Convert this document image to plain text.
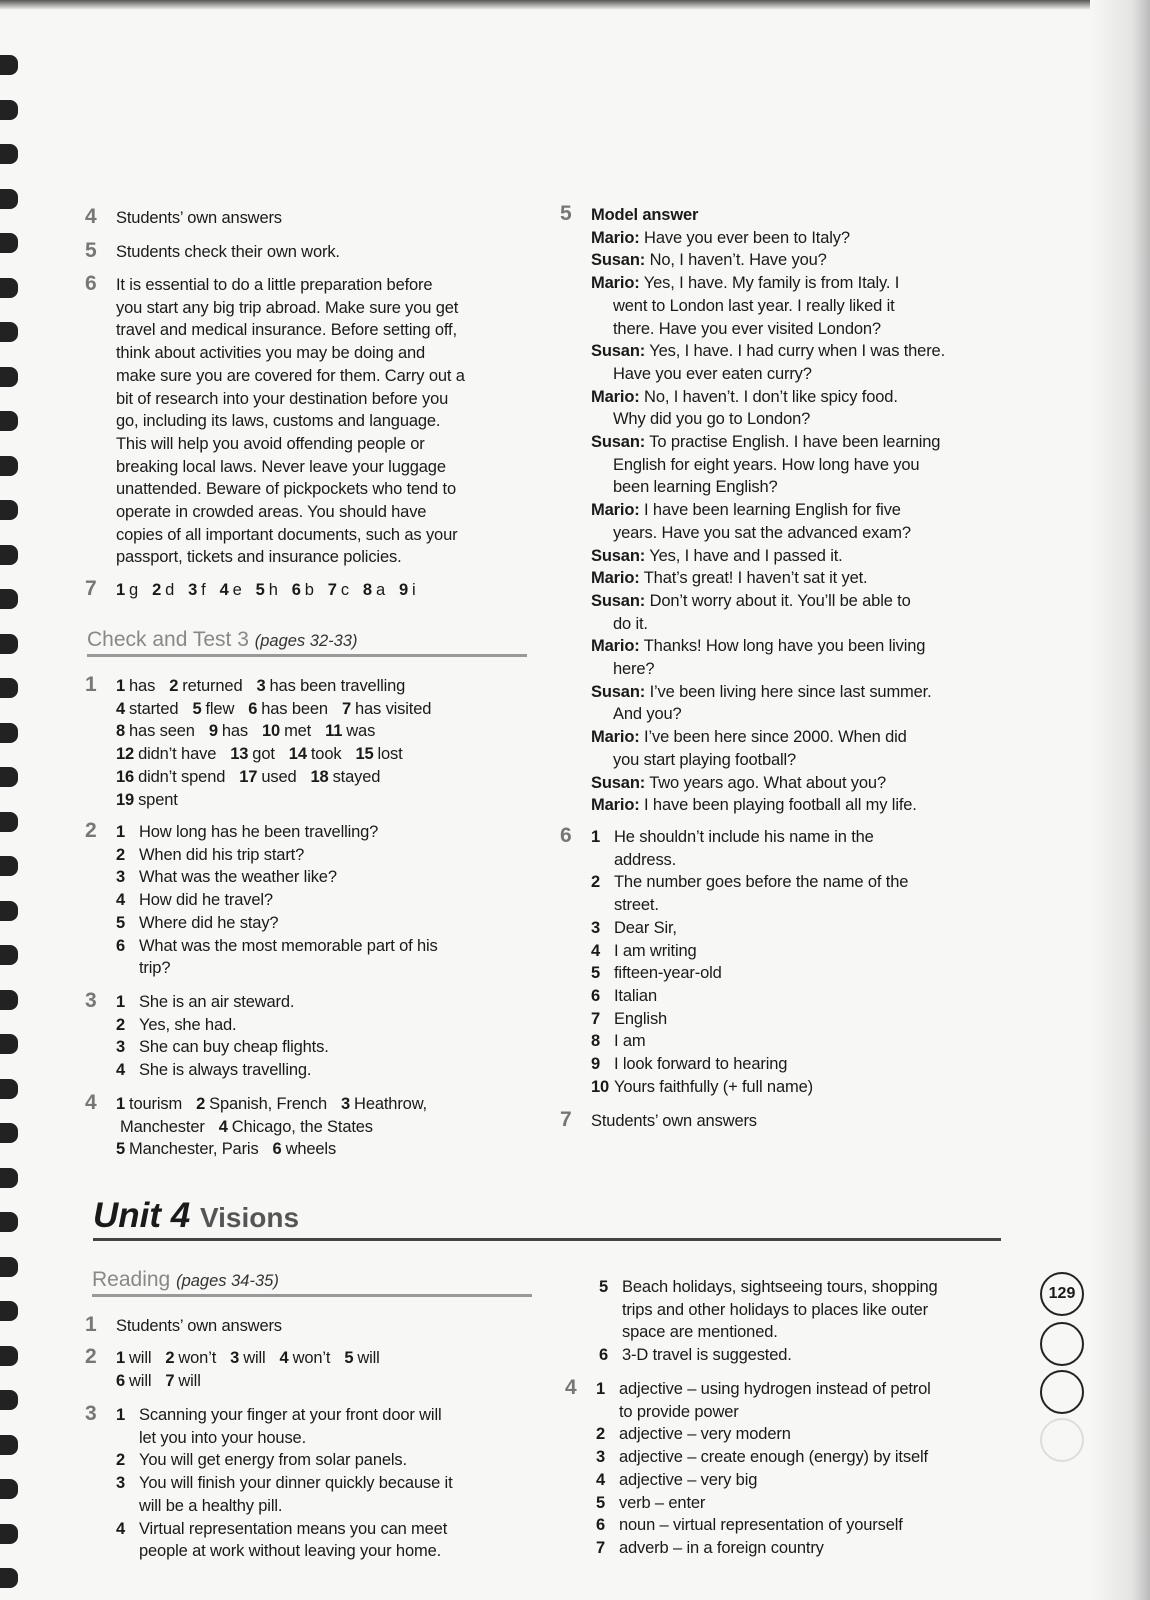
4 Students’ own answers
5 Students check their own work.
6 It is essential to do a little preparation before
you start any big trip abroad. Make sure you get
travel and medical insurance. Before setting off,
think about activities you may be doing and
make sure you are covered for them. Carry out a
bit of research into your destination before you
go, including its laws, customs and language.
This will help you avoid offending people or
breaking local laws. Never leave your luggage
unattended. Beware of pickpockets who tend to
operate in crowded areas. You should have
copies of all important documents, such as your
passport, tickets and insurance policies.
7 1 g 2 d 3 f 4 e 5 h 6 b 7 c 8 a 9 i
1 1 has 2 returned 3 has been travelling
4 started 5 flew 6 has been 7 has visited
8 has seen 9 has 10 met 11 was
12 didn’t have 13 got 14 took 15 lost
16 didn’t spend 17 used 18 stayed
19 spent
2 1 How long has he been travelling?
2 When did his trip start?
3 What was the weather like?
4 How did he travel?
5 Where did he stay?
6 What was the most memorable part of his
trip?
3 1 She is an air steward.
2 Yes, she had.
3 She can buy cheap flights.
4 She is always travelling.
4 1 tourism 2 Spanish, French 3 Heathrow,
Manchester 4 Chicago, the States
5 Manchester, Paris 6 wheels
1 Students’ own answers
2 1 will 2 won’t 3 will 4 won’t 5 will
6 will 7 will
3 1 Scanning your finger at your front door will
let you into your house.
2 You will get energy from solar panels.
3 You will finish your dinner quickly because it
will be a healthy pill.
4 Virtual representation means you can meet
people at work without leaving your home.
5 Model answer
Mario: Have you ever been to Italy?
Susan: No, I haven’t. Have you?
Mario: Yes, I have. My family is from Italy. I
went to London last year. I really liked it
there. Have you ever visited London?
Susan: Yes, I have. I had curry when I was there.
Have you ever eaten curry?
Mario: No, I haven’t. I don’t like spicy food.
Why did you go to London?
Susan: To practise English. I have been learning
English for eight years. How long have you
been learning English?
Mario: I have been learning English for five
years. Have you sat the advanced exam?
Susan: Yes, I have and I passed it.
Mario: That’s great! I haven’t sat it yet.
Susan: Don’t worry about it. You’ll be able to
do it.
Mario: Thanks! How long have you been living
here?
Susan: I’ve been living here since last summer.
And you?
Mario: I’ve been here since 2000. When did
you start playing football?
Susan: Two years ago. What about you?
Mario: I have been playing football all my life.
6 1 He shouldn’t include his name in the
address.
2 The number goes before the name of the
street.
3 Dear Sir,
4 I am writing
5 fifteen-year-old
6 Italian
7 English
8 I am
9 I look forward to hearing
10 Yours faithfully (+ full name)
7 Students’ own answers
5 Beach holidays, sightseeing tours, shopping
trips and other holidays to places like outer
space are mentioned.
6 3-D travel is suggested.
4 1 adjective – using hydrogen instead of petrol
to provide power
2 adjective – very modern
3 adjective – create enough (energy) by itself
4 adjective – very big
5 verb – enter
6 noun – virtual representation of yourself
7 adverb – in a foreign country
Check and Test 3 (pages 32-33)
Unit 4 Visions
Reading (pages 34-35)
129
